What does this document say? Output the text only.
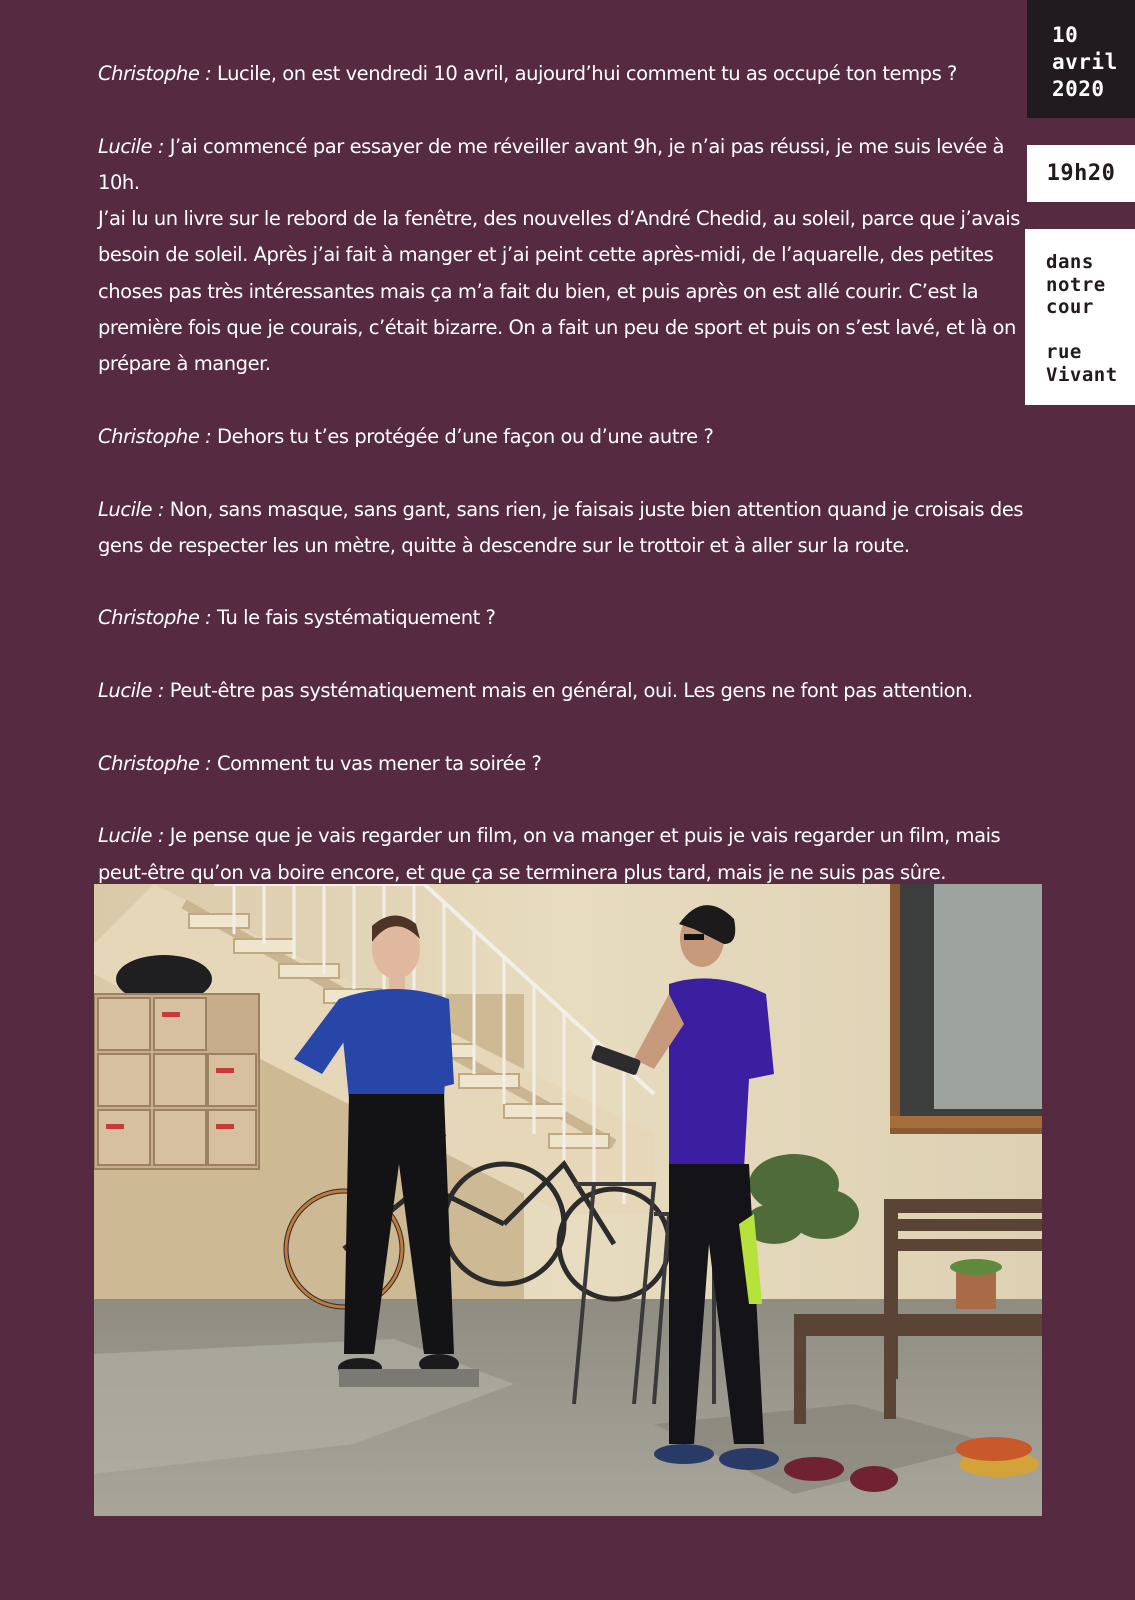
10
avril
2020
19h20
dans
notre
cour
rue
Vivant

Christophe : Lucile, on est vendredi 10 avril, aujourd’hui comment tu as occupé ton temps ?

Lucile : J’ai commencé par essayer de me réveiller avant 9h, je n’ai pas réussi, je me suis levée à 10h.
J’ai lu un livre sur le rebord de la fenêtre, des nouvelles d’André Chedid, au soleil, parce que j’avais besoin de soleil. Après j’ai fait à manger et j’ai peint cette après-midi, de l’aquarelle, des petites choses pas très intéressantes mais ça m’a fait du bien, et puis après on est allé courir. C’est la première fois que je courais, c’était bizarre. On a fait un peu de sport et puis on s’est lavé, et là on prépare à manger.

Christophe : Dehors tu t’es protégée d’une façon ou d’une autre ?

Lucile : Non, sans masque, sans gant, sans rien, je faisais juste bien attention quand je croisais des gens de respecter les un mètre, quitte à descendre sur le trottoir et à aller sur la route.

Christophe : Tu le fais systématiquement ?

Lucile : Peut-être pas systématiquement mais en général, oui. Les gens ne font pas attention.

Christophe : Comment tu vas mener ta soirée ?

Lucile : Je pense que je vais regarder un film, on va manger et puis je vais regarder un film, mais peut-être qu’on va boire encore, et que ça se terminera plus tard, mais je ne suis pas sûre.
